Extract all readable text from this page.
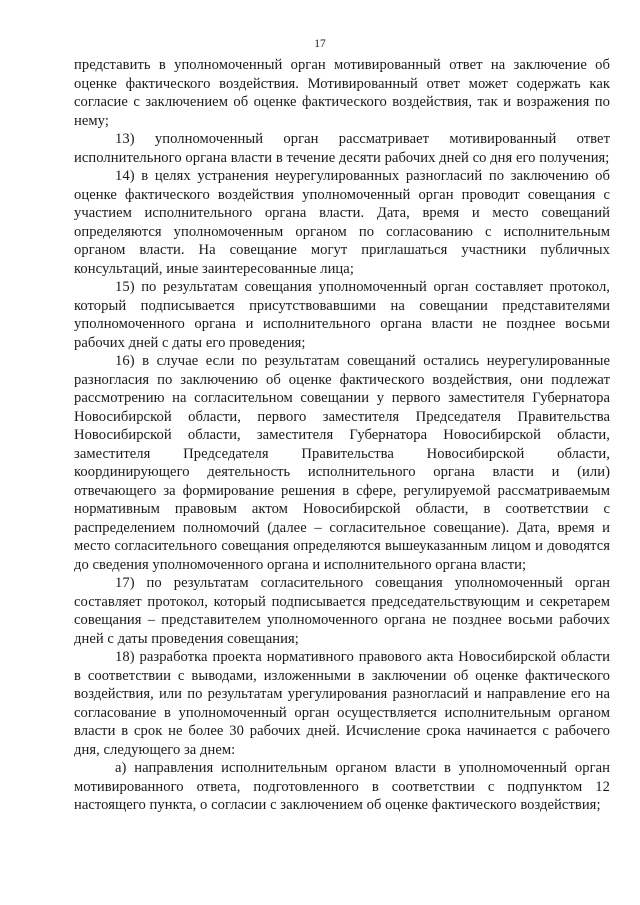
17

представить в уполномоченный орган мотивированный ответ на заключение об оценке фактического воздействия. Мотивированный ответ может содержать как согласие с заключением об оценке фактического воздействия, так и возражения по нему;

13) уполномоченный орган рассматривает мотивированный ответ исполнительного органа власти в течение десяти рабочих дней со дня его получения;

14) в целях устранения неурегулированных разногласий по заключению об оценке фактического воздействия уполномоченный орган проводит совещания с участием исполнительного органа власти. Дата, время и место совещаний определяются уполномоченным органом по согласованию с исполнительным органом власти. На совещание могут приглашаться участники публичных консультаций, иные заинтересованные лица;

15) по результатам совещания уполномоченный орган составляет протокол, который подписывается присутствовавшими на совещании представителями уполномоченного органа и исполнительного органа власти не позднее восьми рабочих дней с даты его проведения;

16) в случае если по результатам совещаний остались неурегулированные разногласия по заключению об оценке фактического воздействия, они подлежат рассмотрению на согласительном совещании у первого заместителя Губернатора Новосибирской области, первого заместителя Председателя Правительства Новосибирской области, заместителя Губернатора Новосибирской области, заместителя Председателя Правительства Новосибирской области, координирующего деятельность исполнительного органа власти и (или) отвечающего за формирование решения в сфере, регулируемой рассматриваемым нормативным правовым актом Новосибирской области, в соответствии с распределением полномочий (далее – согласительное совещание). Дата, время и место согласительного совещания определяются вышеуказанным лицом и доводятся до сведения уполномоченного органа и исполнительного органа власти;

17) по результатам согласительного совещания уполномоченный орган составляет протокол, который подписывается председательствующим и секретарем совещания – представителем уполномоченного органа не позднее восьми рабочих дней с даты проведения совещания;

18) разработка проекта нормативного правового акта Новосибирской области в соответствии с выводами, изложенными в заключении об оценке фактического воздействия, или по результатам урегулирования разногласий и направление его на согласование в уполномоченный орган осуществляется исполнительным органом власти в срок не более 30 рабочих дней. Исчисление срока начинается с рабочего дня, следующего за днем:

а) направления исполнительным органом власти в уполномоченный орган мотивированного ответа, подготовленного в соответствии с подпунктом 12 настоящего пункта, о согласии с заключением об оценке фактического воздействия;
